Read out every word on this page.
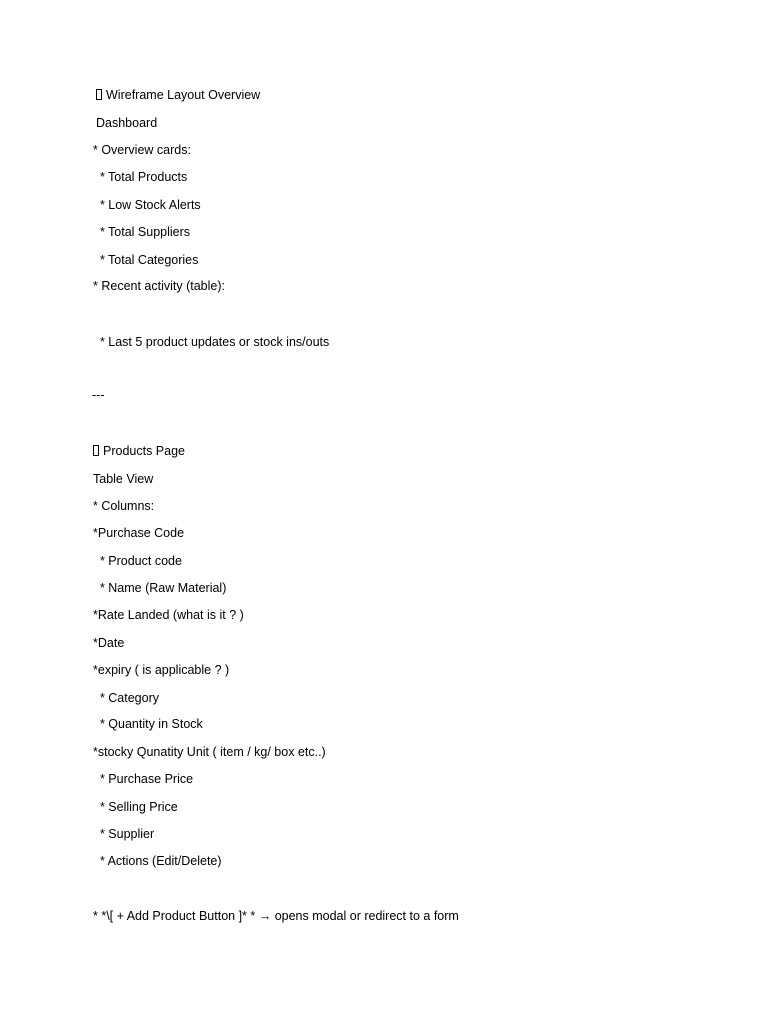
Wireframe Layout Overview
Dashboard
* Overview cards:
* Total Products
* Low Stock Alerts
* Total Suppliers
* Total Categories
* Recent activity (table):
* Last 5 product updates or stock ins/outs
---
Products Page
Table View
* Columns:
*Purchase Code
* Product code
* Name (Raw Material)
*Rate Landed (what is it ? )
*Date
*expiry ( is applicable ? )
* Category
* Quantity in Stock
*stocky Qunatity Unit ( item / kg/ box etc..)
* Purchase Price
* Selling Price
* Supplier
* Actions (Edit/Delete)
* *\[ + Add Product Button ]* * → opens modal or redirect to a form
